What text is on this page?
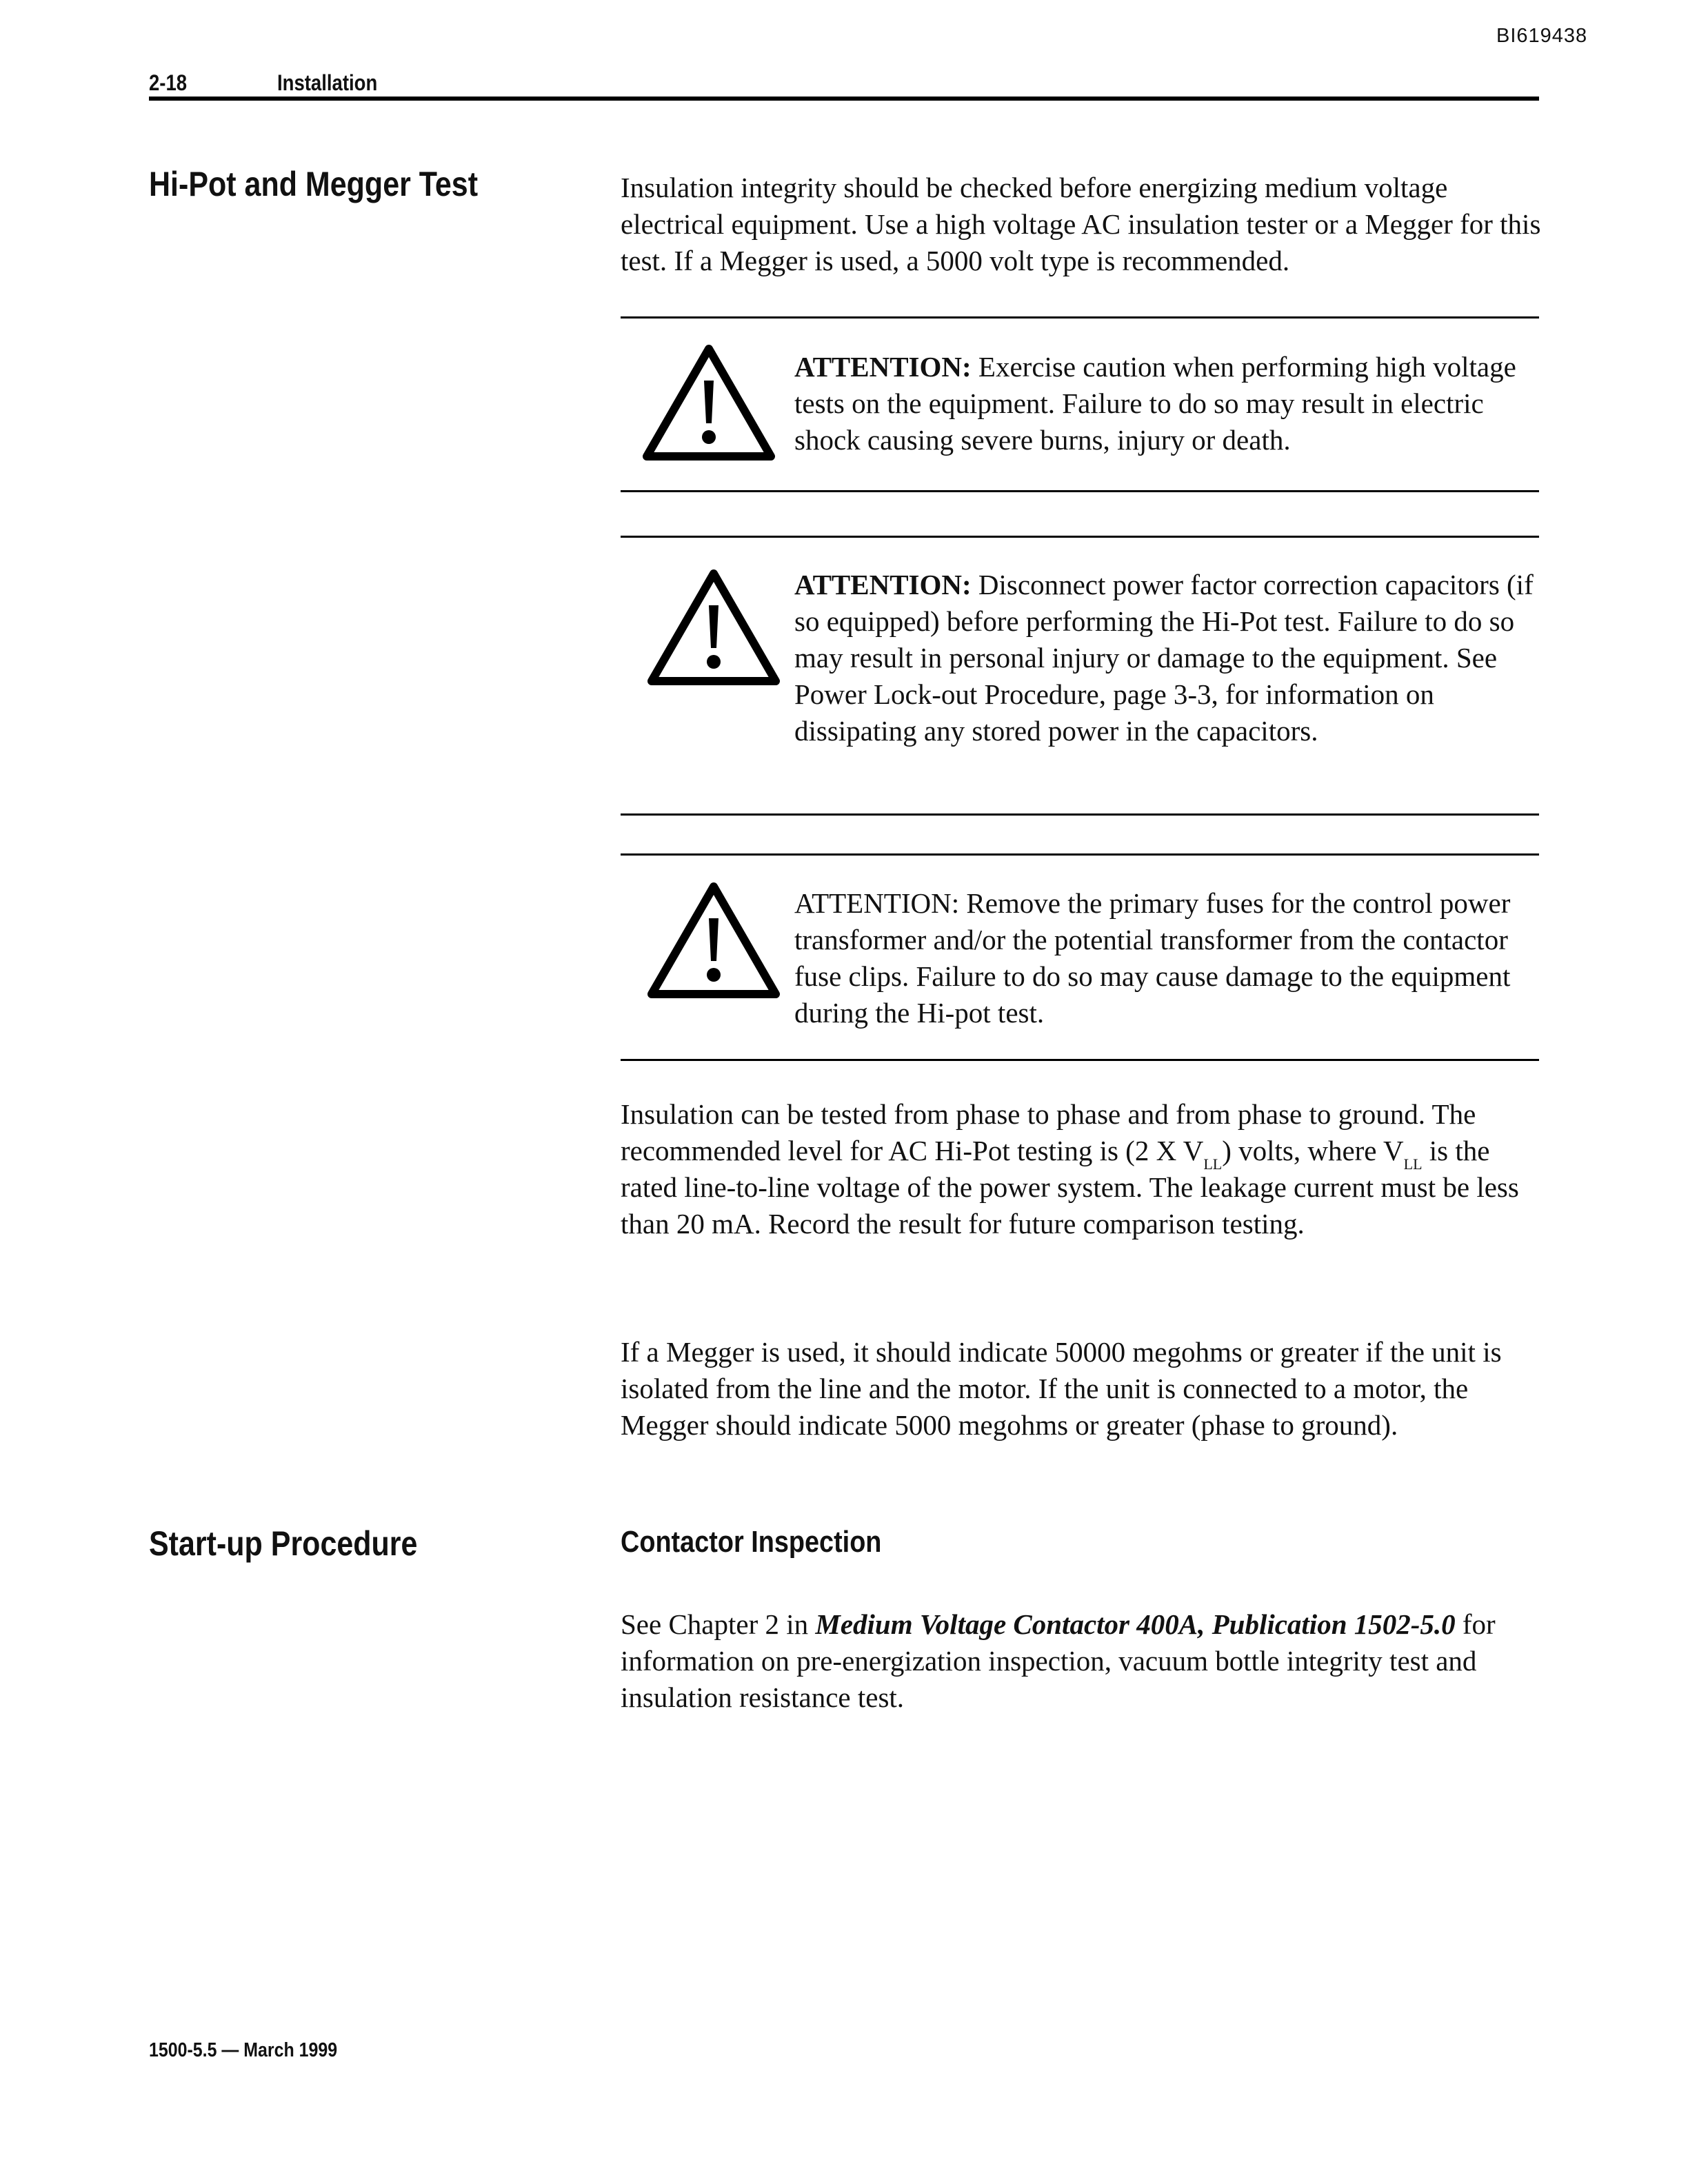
BI619438
2-18	Installation
Hi-Pot and Megger Test	Insulation integrity should be checked before energizing medium voltage electrical equipment. Use a high voltage AC insulation tester or a Megger for this test. If a Megger is used, a 5000 volt type is recommended.
ATTENTION: Exercise caution when performing high voltage tests on the equipment. Failure to do so may result in electric shock causing severe burns, injury or death.
ATTENTION: Disconnect power factor correction capacitors (if so equipped) before performing the Hi-Pot test. Failure to do so may result in personal injury or damage to the equipment. See Power Lock-out Procedure, page 3-3, for information on dissipating any stored power in the capacitors.
ATTENTION: Remove the primary fuses for the control power transformer and/or the potential transformer from the contactor fuse clips. Failure to do so may cause damage to the equipment during the Hi-pot test.
Insulation can be tested from phase to phase and from phase to ground. The recommended level for AC Hi-Pot testing is (2 X $V_{LL}$) volts, where $V_{LL}$ is the rated line-to-line voltage of the power system. The leakage current must be less than 20 mA. Record the result for future comparison testing.
If a Megger is used, it should indicate 50000 megohms or greater if the unit is isolated from the line and the motor. If the unit is connected to a motor, the Megger should indicate 5000 megohms or greater (phase to ground).
Start-up Procedure	Contactor Inspection
See Chapter 2 in Medium Voltage Contactor 400A, Publication 1502-5.0 for information on pre-energization inspection, vacuum bottle integrity test and insulation resistance test.
1500-5.5 — March 1999
